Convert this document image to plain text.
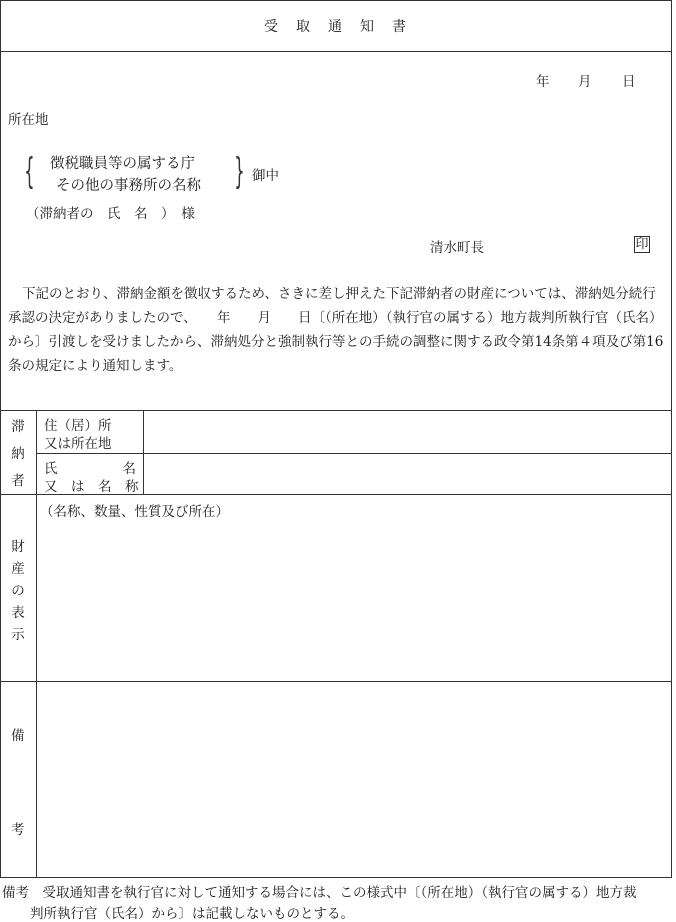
受　取　通　知　書
年 月 日
所在地
{ 徴税職員等の属する庁
その他の事務所の名称 } 御中
（滞納者の　氏　名　）　様
清水町長	印
下記のとおり、滞納金額を徴収するため、さきに差し押えた下記滞納者の財産については、滞納処分続行承認の決定がありましたので、　　年　　月　　日〔（所在地）（執行官の属する）地方裁判所執行官（氏名）から〕引渡しを受けましたから、滞納処分と強制執行等との手続の調整に関する政令第14条第４項及び第16条の規定により通知します。
滞
納
者
住（居）所
又は所在地
氏	名
又　は　名　称
財
産
の
表
示
（名称、数量、性質及び所在）
備
考
備考　受取通知書を執行官に対して通知する場合には、この様式中〔（所在地）（執行官の属する）地方裁
判所執行官（氏名）から〕は記載しないものとする。
